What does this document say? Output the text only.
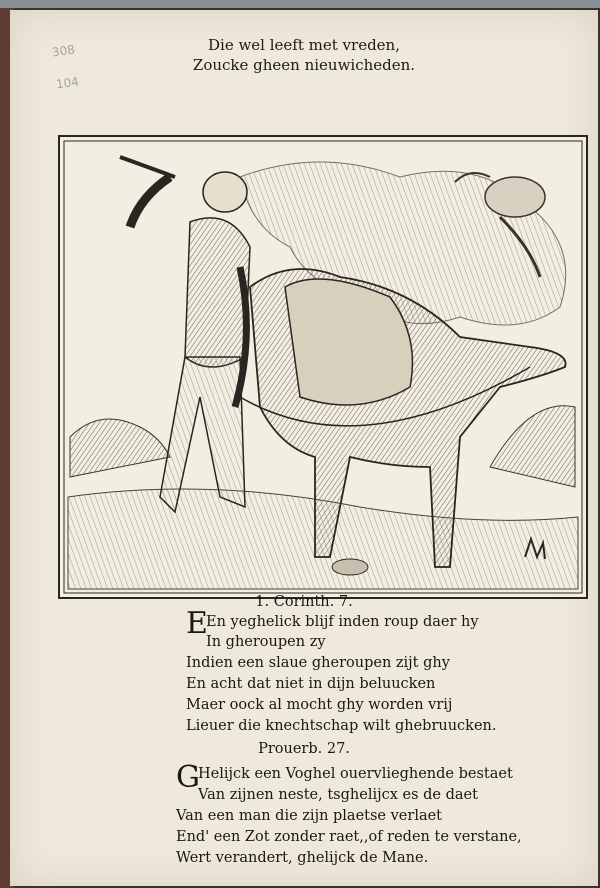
308
104
Die wel leeft met vreden,
Zoucke gheen nieuwicheden.
1. Corinth. 7.
E
En yeghelick blijf inden roup daer hy
In gheroupen zy
Indien een slaue gheroupen zijt ghy
En acht dat niet in dijn beluucken
Maer oock al mocht ghy worden vrij
Lieuer die knechtschap wilt ghebruucken.
Prouerb. 27.
G
Helijck een Voghel ouervlieghende bestaet
Van zijnen neste, tsghelijcx es de daet
Van een man die zijn plaetse verlaet
End' een Zot zonder raet,,of reden te verstane,
Wert verandert, ghelijck de Mane.
